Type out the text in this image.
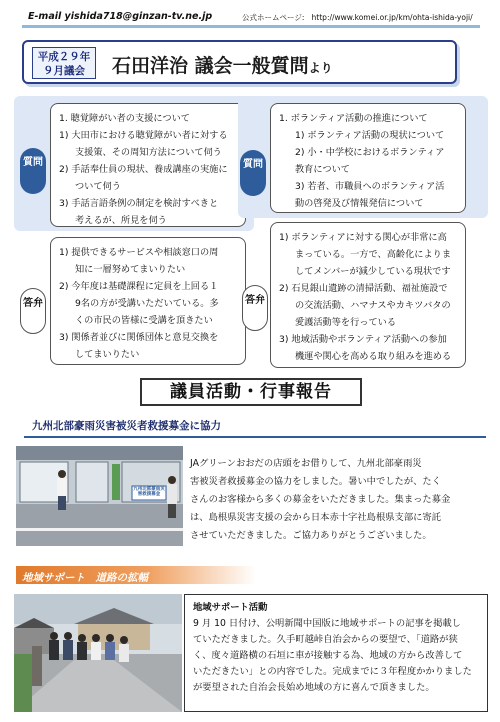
E-mail yishida718@ginzan-tv.ne.jp	公式ホームページ: http://www.komei.or.jp/km/ohta-ishida-yoji/
平成２９年
９月議会	石田洋治 議会一般質問より
1. 聴覚障がい者の支援について
1) 大田市における聴覚障がい者に対する
支援策、その周知方法について伺う
2) 手話奉仕員の現状、養成講座の実施に
ついて伺う
3) 手話言語条例の制定を検討すべきと
考えるが、所見を伺う
質問
1) 提供できるサービスや相談窓口の周
知に一層努めてまいりたい
2) 今年度は基礎課程に定員を上回る１
9名の方が受講いただいている。多
くの市民の皆様に受講を頂きたい
3) 関係者並びに関係団体と意見交換を
してまいりたい
答弁
1. ボランティア活動の推進について
1) ボランティア活動の現状について
2) 小・中学校におけるボランティア
教育について
3) 若者、市職員へのボランティア活
動の啓発及び情報発信について
質問
1) ボランティアに対する関心が非常に高
まっている。一方で、高齢化によりま
してメンバーが減少している現状です
2) 石見銀山遺跡の清掃活動、福祉施設で
の交流活動、ハマナスやカキツバタの
愛護活動等を行っている
3) 地域活動やボランティア活動への参加
機運や関心を高める取り組みを進める
答弁
議員活動・行事報告
九州北部豪雨災害被災者救援募金に協力
九州北部豪雨災害救援募金
JAグリーンおおだの店頭をお借りして、九州北部豪雨災
害被災者救援募金の協力をしました。暑い中でしたが、たく
さんのお客様から多くの募金をいただきました。集まった募金
は、島根県災害支援の会から日本赤十字社島根県支部に寄託
させていただきました。ご協力ありがとうございました。
地域サポート　道路の拡幅
地域サポート活動
9 月 10 日付け、公明新聞中国版に地域サポートの記事を掲載し
ていただきました。久手町越峠自治会からの要望で、「道路が狭
く、度々道路横の石垣に車が接触する為、地域の方から改善して
いただきたい」との内容でした。完成までに３年程度かかりました
が要望された自治会長始め地域の方に喜んで頂きました。
